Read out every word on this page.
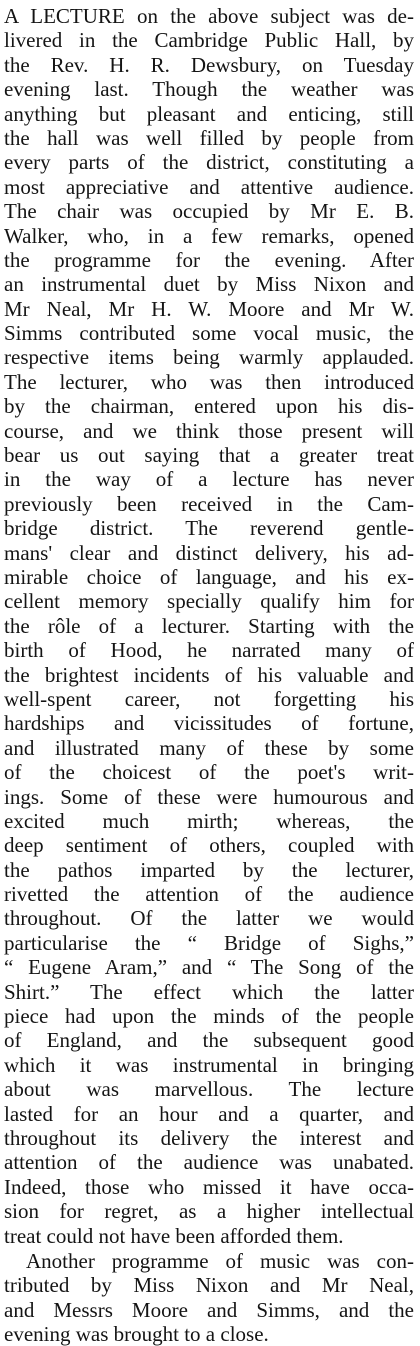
A LECTURE on the above subject was de-
livered in the Cambridge Public Hall, by
the Rev. H. R. Dewsbury, on Tuesday
evening last. Though the weather was
anything but pleasant and enticing, still
the hall was well filled by people from
every parts of the district, constituting a
most appreciative and attentive audience.
The chair was occupied by Mr E. B.
Walker, who, in a few remarks, opened
the programme for the evening. After
an instrumental duet by Miss Nixon and
Mr Neal, Mr H. W. Moore and Mr W.
Simms contributed some vocal music, the
respective items being warmly applauded.
The lecturer, who was then introduced
by the chairman, entered upon his dis-
course, and we think those present will
bear us out saying that a greater treat
in the way of a lecture has never
previously been received in the Cam-
bridge district. The reverend gentle-
mans' clear and distinct delivery, his ad-
mirable choice of language, and his ex-
cellent memory specially qualify him for
the rôle of a lecturer. Starting with the
birth of Hood, he narrated many of
the brightest incidents of his valuable and
well-spent career, not forgetting his
hardships and vicissitudes of fortune,
and illustrated many of these by some
of the choicest of the poet's writ-
ings. Some of these were humourous and
excited much mirth; whereas, the
deep sentiment of others, coupled with
the pathos imparted by the lecturer,
rivetted the attention of the audience
throughout. Of the latter we would
particularise the “ Bridge of Sighs,”
“ Eugene Aram,” and “ The Song of the
Shirt.” The effect which the latter
piece had upon the minds of the people
of England, and the subsequent good
which it was instrumental in bringing
about was marvellous. The lecture
lasted for an hour and a quarter, and
throughout its delivery the interest and
attention of the audience was unabated.
Indeed, those who missed it have occa-
sion for regret, as a higher intellectual
treat could not have been afforded them.
Another programme of music was con-
tributed by Miss Nixon and Mr Neal,
and Messrs Moore and Simms, and the
evening was brought to a close.
